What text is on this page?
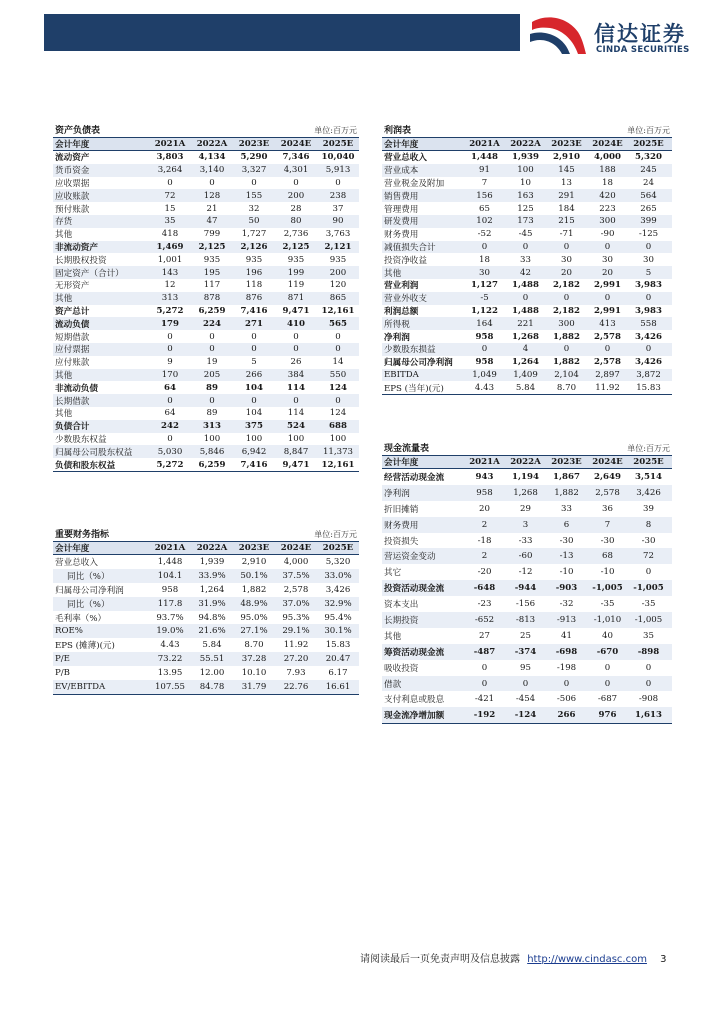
信达证券
CINDA SECURITIES
资产负债表	单位:百万元
会计年度	2021A	2022A	2023E	2024E	2025E
流动资产	3,803	4,134	5,290	7,346	10,040
货币资金	3,264	3,140	3,327	4,301	5,913
应收票据	0	0	0	0	0
应收账款	72	128	155	200	238
预付账款	15	21	32	28	37
存货	35	47	50	80	90
其他	418	799	1,727	2,736	3,763
非流动资产	1,469	2,125	2,126	2,125	2,121
长期股权投资	1,001	935	935	935	935
固定资产（合计）	143	195	196	199	200
无形资产	12	117	118	119	120
其他	313	878	876	871	865
资产总计	5,272	6,259	7,416	9,471	12,161
流动负债	179	224	271	410	565
短期借款	0	0	0	0	0
应付票据	0	0	0	0	0
应付账款	9	19	5	26	14
其他	170	205	266	384	550
非流动负债	64	89	104	114	124
长期借款	0	0	0	0	0
其他	64	89	104	114	124
负债合计	242	313	375	524	688
少数股东权益	0	100	100	100	100
归属母公司股东权益	5,030	5,846	6,942	8,847	11,373
负债和股东权益	5,272	6,259	7,416	9,471	12,161
重要财务指标	单位:百万元
会计年度	2021A	2022A	2023E	2024E	2025E
营业总收入	1,448	1,939	2,910	4,000	5,320
同比（%）	104.1	33.9%	50.1%	37.5%	33.0%
归属母公司净利润	958	1,264	1,882	2,578	3,426
同比（%）	117.8	31.9%	48.9%	37.0%	32.9%
毛利率（%）	93.7%	94.8%	95.0%	95.3%	95.4%
ROE%	19.0%	21.6%	27.1%	29.1%	30.1%
EPS (摊薄)(元)	4.43	5.84	8.70	11.92	15.83
P/E	73.22	55.51	37.28	27.20	20.47
P/B	13.95	12.00	10.10	7.93	6.17
EV/EBITDA	107.55	84.78	31.79	22.76	16.61
利润表	单位:百万元
会计年度	2021A	2022A	2023E	2024E	2025E
营业总收入	1,448	1,939	2,910	4,000	5,320
营业成本	91	100	145	188	245
营业税金及附加	7	10	13	18	24
销售费用	156	163	291	420	564
管理费用	65	125	184	223	265
研发费用	102	173	215	300	399
财务费用	-52	-45	-71	-90	-125
减值损失合计	0	0	0	0	0
投资净收益	18	33	30	30	30
其他	30	42	20	20	5
营业利润	1,127	1,488	2,182	2,991	3,983
营业外收支	-5	0	0	0	0
利润总额	1,122	1,488	2,182	2,991	3,983
所得税	164	221	300	413	558
净利润	958	1,268	1,882	2,578	3,426
少数股东损益	0	4	0	0	0
归属母公司净利润	958	1,264	1,882	2,578	3,426
EBITDA	1,049	1,409	2,104	2,897	3,872
EPS (当年)(元)	4.43	5.84	8.70	11.92	15.83
现金流量表	单位:百万元
会计年度	2021A	2022A	2023E	2024E	2025E
经营活动现金流	943	1,194	1,867	2,649	3,514
净利润	958	1,268	1,882	2,578	3,426
折旧摊销	20	29	33	36	39
财务费用	2	3	6	7	8
投资损失	-18	-33	-30	-30	-30
营运资金变动	2	-60	-13	68	72
其它	-20	-12	-10	-10	0
投资活动现金流	-648	-944	-903	-1,005	-1,005
资本支出	-23	-156	-32	-35	-35
长期投资	-652	-813	-913	-1,010	-1,005
其他	27	25	41	40	35
筹资活动现金流	-487	-374	-698	-670	-898
吸收投资	0	95	-198	0	0
借款	0	0	0	0	0
支付利息或股息	-421	-454	-506	-687	-908
现金流净增加额	-192	-124	266	976	1,613
请阅读最后一页免责声明及信息披露 http://www.cindasc.com 3
